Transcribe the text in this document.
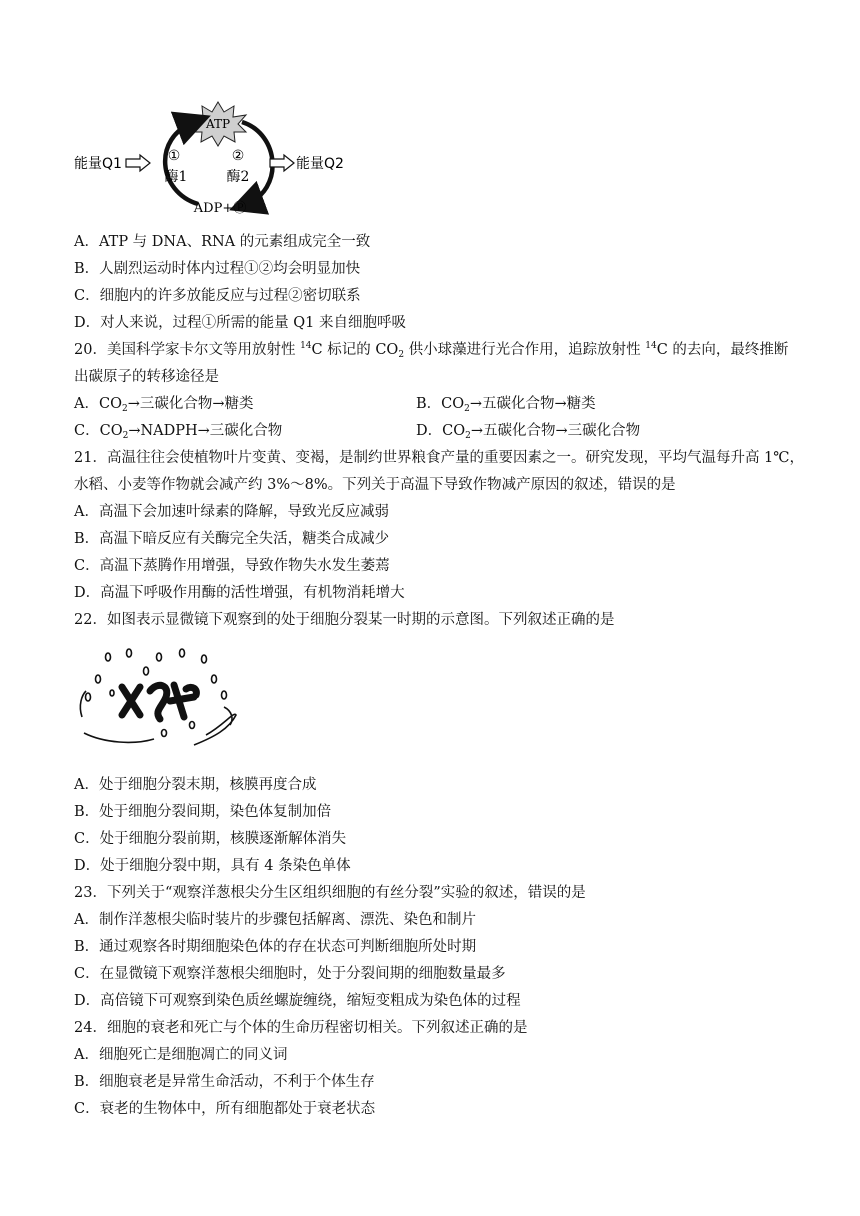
ATP
ADP+Ⓟ
①
酶1
②
酶2
能量Q1	能量Q2
A．ATP 与 DNA、RNA 的元素组成完全一致
B．人剧烈运动时体内过程①②均会明显加快
C．细胞内的许多放能反应与过程②密切联系
D．对人来说，过程①所需的能量 Q1 来自细胞呼吸
20．美国科学家卡尔文等用放射性 $^{14}$C 标记的 $CO_2$ 供小球藻进行光合作用，追踪放射性 $^{14}$C 的去向，最终推断
出碳原子的转移途径是
A．$CO_2\to$三碳化合物→糖类	B．$CO_2\to$五碳化合物→糖类
C．$CO_2\to NADPH\to$三碳化合物	D．$CO_2\to$五碳化合物→三碳化合物
21．高温往往会使植物叶片变黄、变褐，是制约世界粮食产量的重要因素之一。研究发现，平均气温每升高 1℃，
水稻、小麦等作物就会减产约 3%～8%。下列关于高温下导致作物减产原因的叙述，错误的是
A．高温下会加速叶绿素的降解，导致光反应减弱
B．高温下暗反应有关酶完全失活，糖类合成减少
C．高温下蒸腾作用增强，导致作物失水发生萎蔫
D．高温下呼吸作用酶的活性增强，有机物消耗增大
22．如图表示显微镜下观察到的处于细胞分裂某一时期的示意图。下列叙述正确的是
A．处于细胞分裂末期，核膜再度合成
B．处于细胞分裂间期，染色体复制加倍
C．处于细胞分裂前期，核膜逐渐解体消失
D．处于细胞分裂中期，具有 4 条染色单体
23．下列关于“观察洋葱根尖分生区组织细胞的有丝分裂”实验的叙述，错误的是
A．制作洋葱根尖临时装片的步骤包括解离、漂洗、染色和制片
B．通过观察各时期细胞染色体的存在状态可判断细胞所处时期
C．在显微镜下观察洋葱根尖细胞时，处于分裂间期的细胞数量最多
D．高倍镜下可观察到染色质丝螺旋缠绕，缩短变粗成为染色体的过程
24．细胞的衰老和死亡与个体的生命历程密切相关。下列叙述正确的是
A．细胞死亡是细胞凋亡的同义词
B．细胞衰老是异常生命活动，不利于个体生存
C．衰老的生物体中，所有细胞都处于衰老状态
